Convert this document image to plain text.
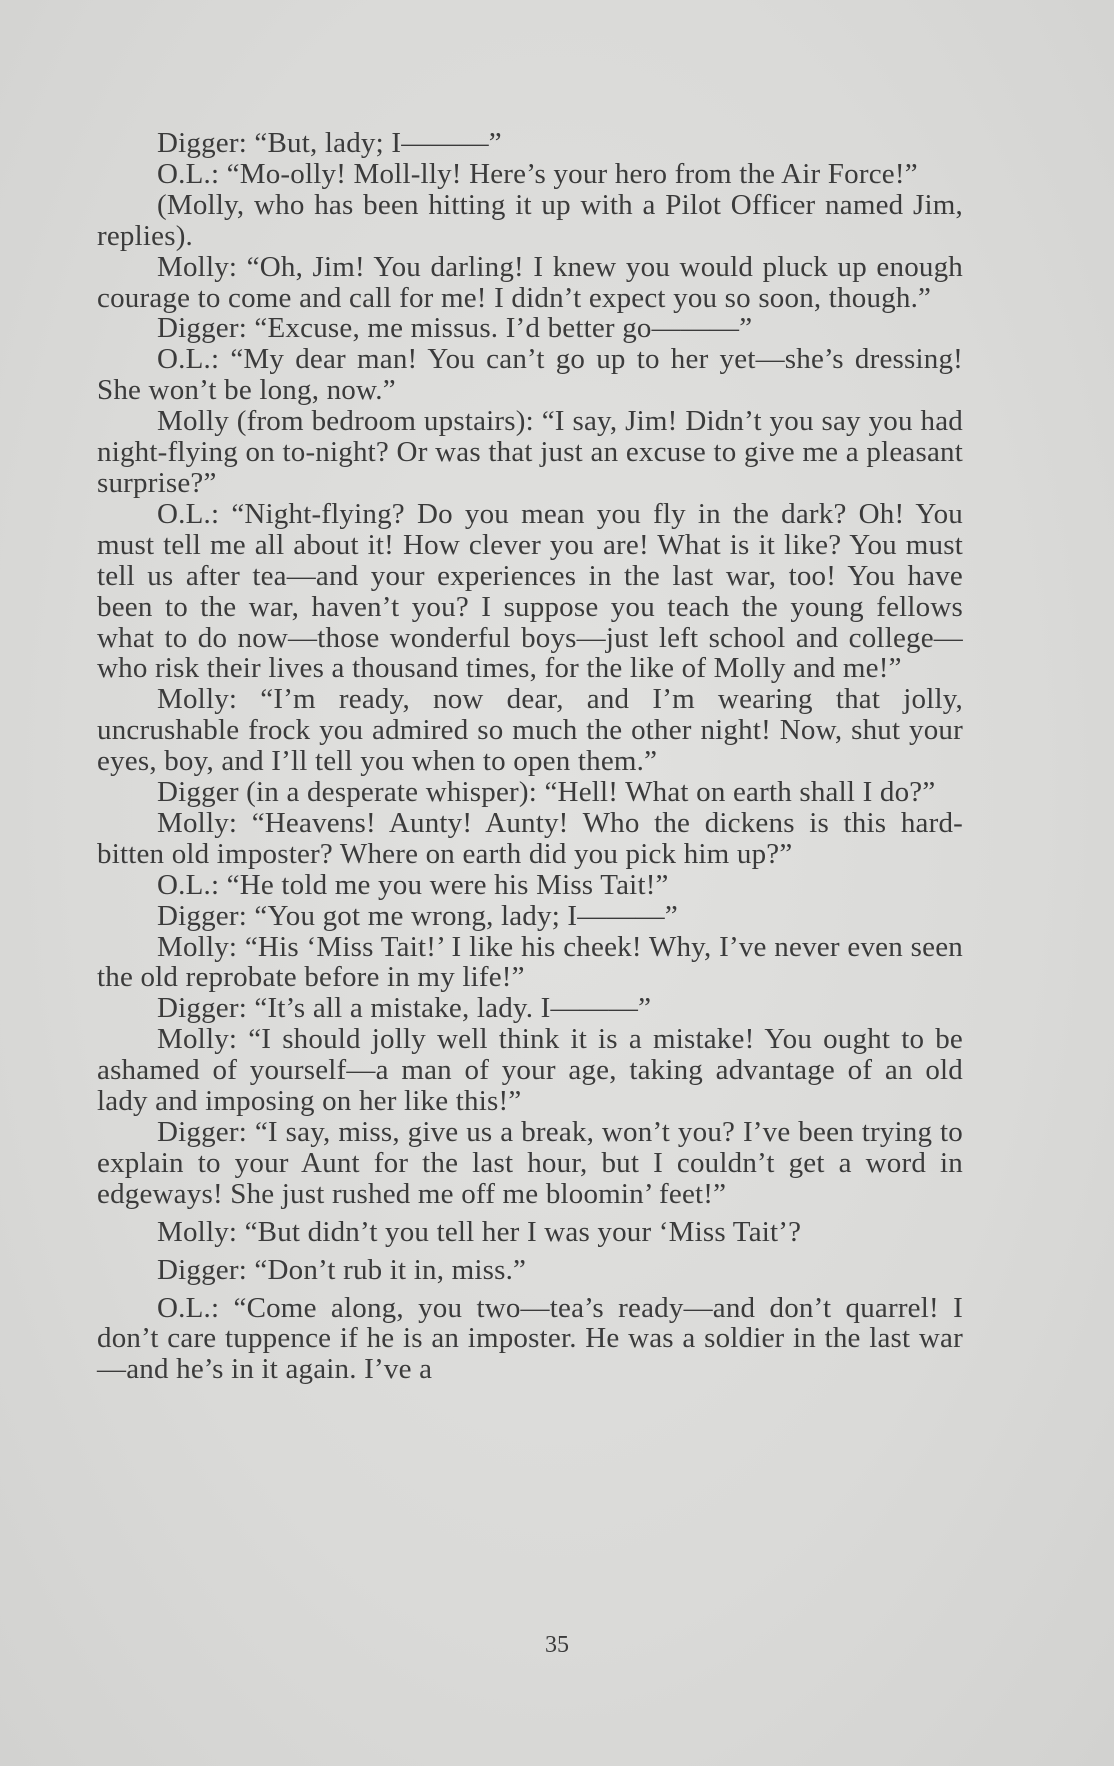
Digger: “But, lady; I———”

O.L.: “Mo-olly! Moll-lly! Here’s your hero from the Air Force!”

(Molly, who has been hitting it up with a Pilot Officer named Jim, replies).

Molly: “Oh, Jim! You darling! I knew you would pluck up enough courage to come and call for me! I didn’t expect you so soon, though.”

Digger: “Excuse, me missus. I’d better go———”

O.L.: “My dear man! You can’t go up to her yet—she’s dressing! She won’t be long, now.”

Molly (from bedroom upstairs): “I say, Jim! Didn’t you say you had night-flying on to-night? Or was that just an excuse to give me a pleasant surprise?”

O.L.: “Night-flying? Do you mean you fly in the dark? Oh! You must tell me all about it! How clever you are! What is it like? You must tell us after tea—and your experiences in the last war, too! You have been to the war, haven’t you? I suppose you teach the young fellows what to do now—those wonderful boys—just left school and college—who risk their lives a thousand times, for the like of Molly and me!”

Molly: “I’m ready, now dear, and I’m wearing that jolly, uncrushable frock you admired so much the other night! Now, shut your eyes, boy, and I’ll tell you when to open them.”

Digger (in a desperate whisper): “Hell! What on earth shall I do?”

Molly: “Heavens! Aunty! Aunty! Who the dickens is this hard-bitten old imposter? Where on earth did you pick him up?”

O.L.: “He told me you were his Miss Tait!”

Digger: “You got me wrong, lady; I———”

Molly: “His ‘Miss Tait!’ I like his cheek! Why, I’ve never even seen the old reprobate before in my life!”

Digger: “It’s all a mistake, lady. I———”

Molly: “I should jolly well think it is a mistake! You ought to be ashamed of yourself—a man of your age, taking advantage of an old lady and imposing on her like this!”

Digger: “I say, miss, give us a break, won’t you? I’ve been trying to explain to your Aunt for the last hour, but I couldn’t get a word in edgeways! She just rushed me off me bloomin’ feet!”

Molly: “But didn’t you tell her I was your ‘Miss Tait’?

Digger: “Don’t rub it in, miss.”

O.L.: “Come along, you two—tea’s ready—and don’t quarrel! I don’t care tuppence if he is an imposter. He was a soldier in the last war—and he’s in it again. I’ve a

35
